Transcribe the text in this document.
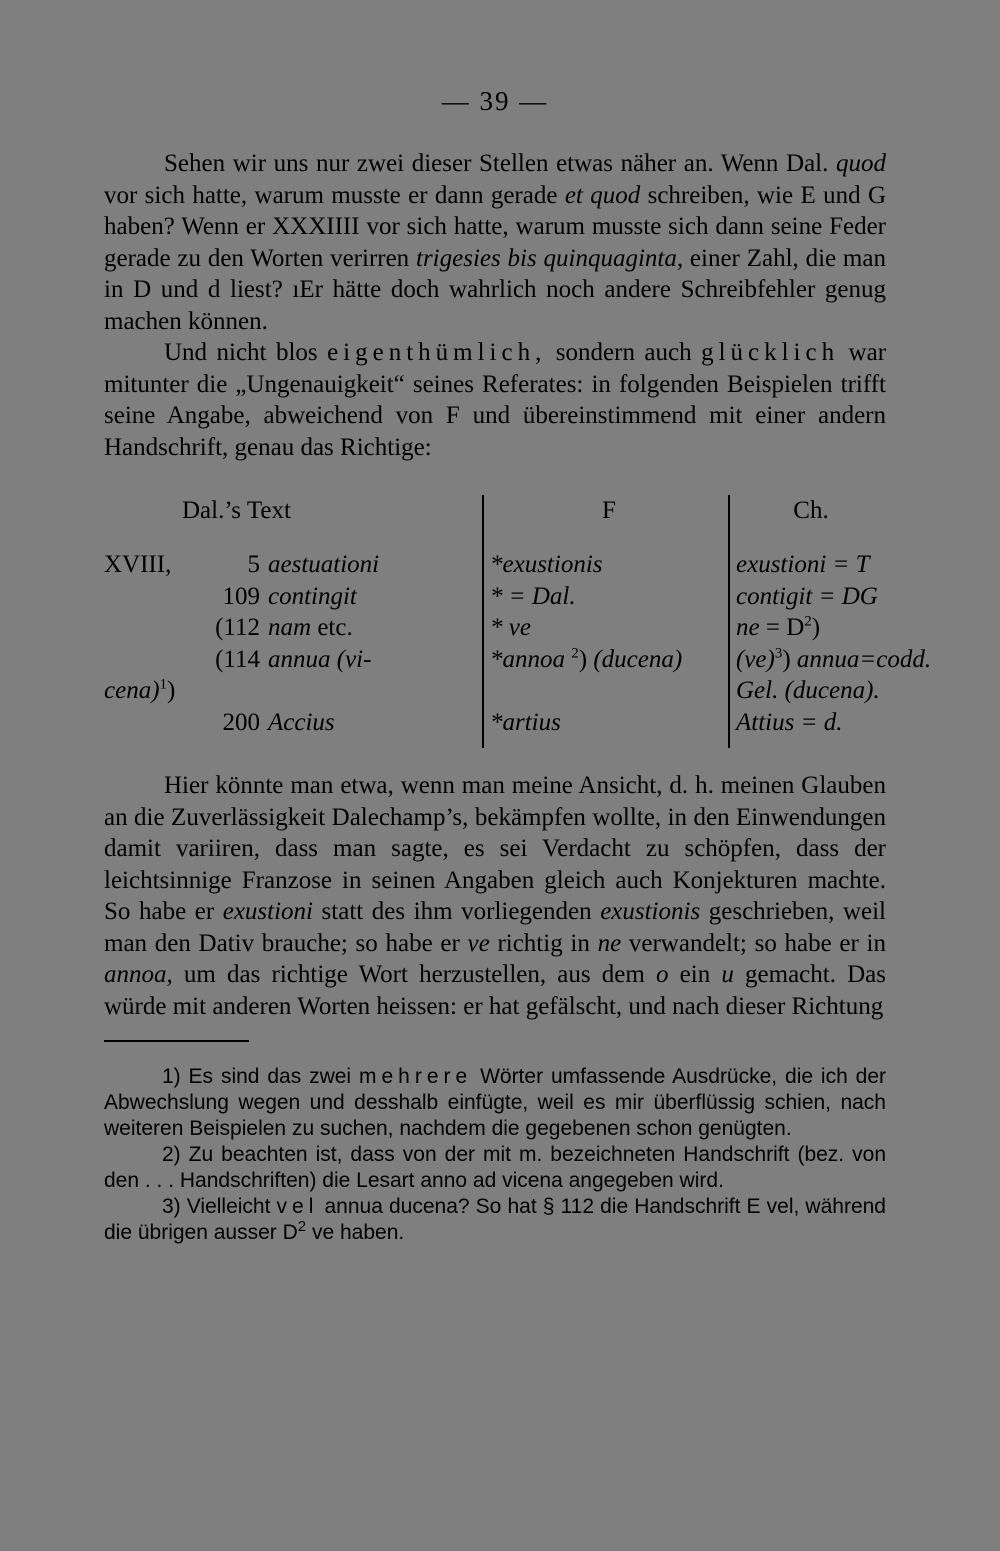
— 39 —

Sehen wir uns nur zwei dieser Stellen etwas näher an. Wenn Dal. quod vor sich hatte, warum musste er dann gerade et quod schreiben, wie E und G haben? Wenn er XXXIIII vor sich hatte, warum musste sich dann seine Feder gerade zu den Worten verirren trigesies bis quinquaginta, einer Zahl, die man in D und d liest? ıEr hätte doch wahrlich noch andere Schreibfehler genug machen können.

Und nicht blos eigenthümlich, sondern auch glücklich war mitunter die „Ungenauigkeit“ seines Referates: in folgenden Beispielen trifft seine Angabe, abweichend von F und übereinstimmend mit einer andern Handschrift, genau das Richtige:

Dal.’s Text	F	Ch.
XVIII, 5 aestuationi	*exustionis	exustioni = T
109 contingit	* = Dal.	contigit = DG
(112 nam etc.	* ve	ne = $D^2$)
(114 annua (vi-	*annoa $^2$) (ducena)	(ve)$^3$) annua=codd.
cena)$^1$)		Gel. (ducena).
200 Accius	*artius	Attius = d.

Hier könnte man etwa, wenn man meine Ansicht, d. h. meinen Glauben an die Zuverlässigkeit Dalechamp’s, bekämpfen wollte, in den Einwendungen damit variiren, dass man sagte, es sei Verdacht zu schöpfen, dass der leichtsinnige Franzose in seinen Angaben gleich auch Konjekturen machte. So habe er exustioni statt des ihm vorliegenden exustionis geschrieben, weil man den Dativ brauche; so habe er ve richtig in ne verwandelt; so habe er in annoa, um das richtige Wort herzustellen, aus dem o ein u gemacht. Das würde mit anderen Worten heissen: er hat gefälscht, und nach dieser Richtung

1) Es sind das zwei mehrere Wörter umfassende Ausdrücke, die ich der Abwechslung wegen und desshalb einfügte, weil es mir überflüssig schien, nach weiteren Beispielen zu suchen, nachdem die gegebenen schon genügten.

2) Zu beachten ist, dass von der mit m. bezeichneten Handschrift (bez. von den . . . Handschriften) die Lesart anno ad vicena angegeben wird.

3) Vielleicht vel annua ducena? So hat § 112 die Handschrift E vel, während die übrigen ausser $D^2$ ve haben.
